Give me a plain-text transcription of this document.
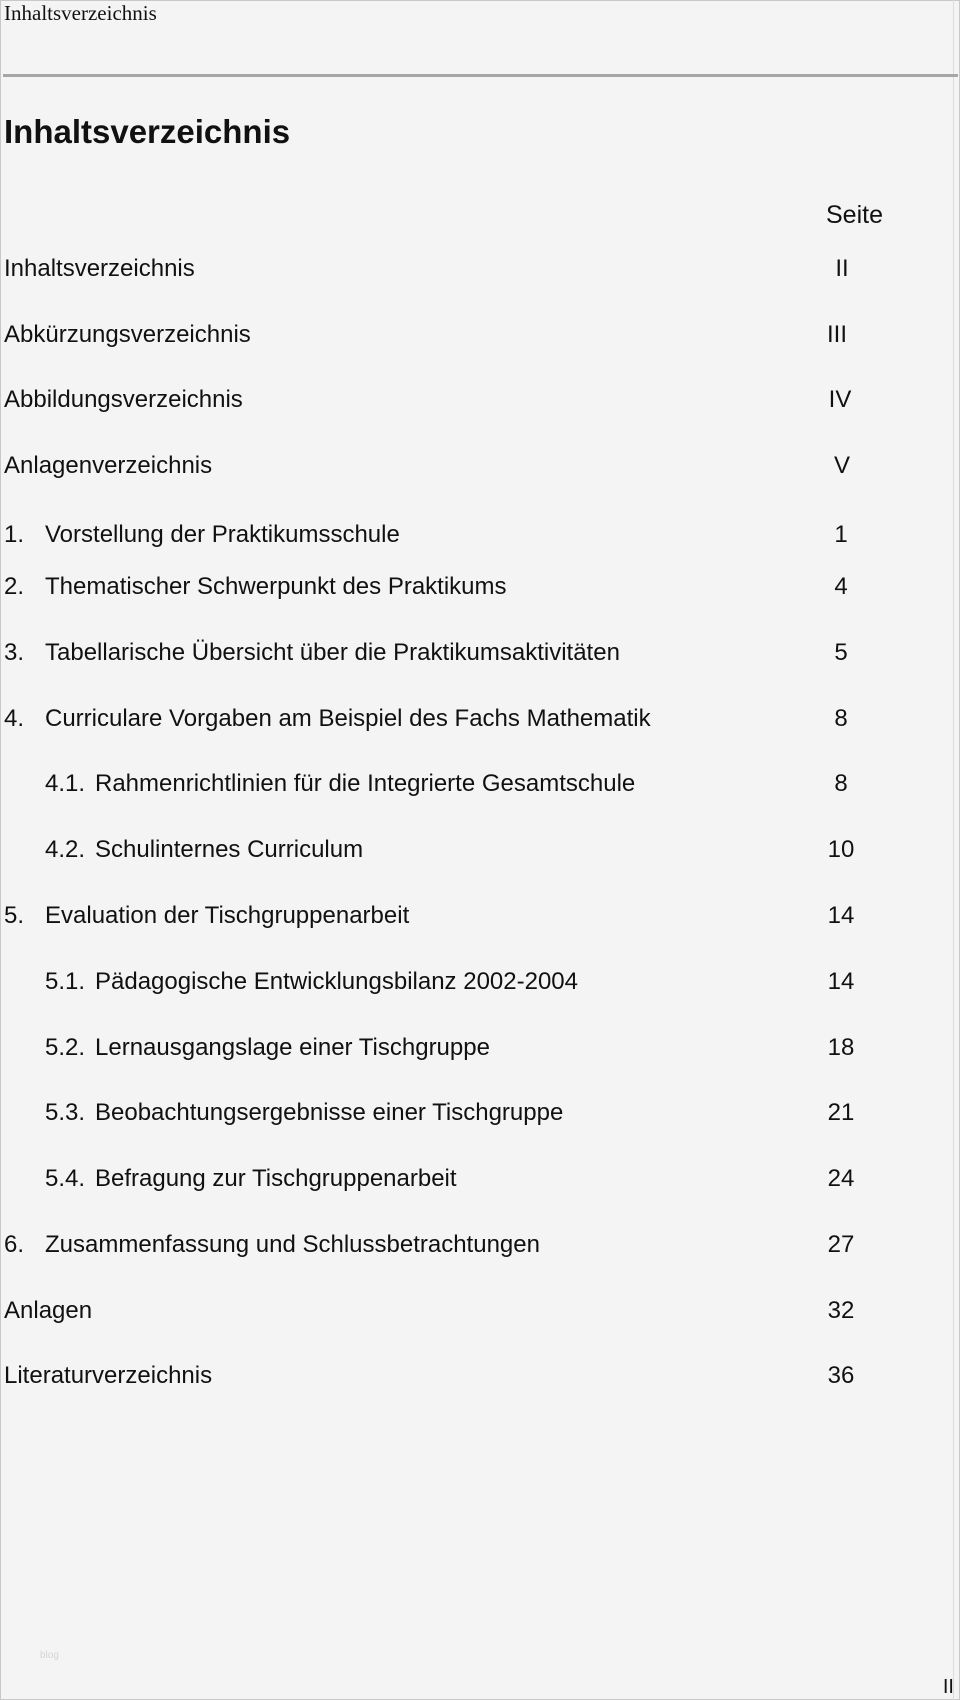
Inhaltsverzeichnis
Inhaltsverzeichnis
Seite
Inhaltsverzeichnis	II
Abkürzungsverzeichnis	III
Abbildungsverzeichnis	IV
Anlagenverzeichnis	V
1. Vorstellung der Praktikumsschule	1
2. Thematischer Schwerpunkt des Praktikums	4
3. Tabellarische Übersicht über die Praktikumsaktivitäten	5
4. Curriculare Vorgaben am Beispiel des Fachs Mathematik	8
4.1. Rahmenrichtlinien für die Integrierte Gesamtschule	8
4.2. Schulinternes Curriculum	10
5. Evaluation der Tischgruppenarbeit	14
5.1. Pädagogische Entwicklungsbilanz 2002-2004	14
5.2. Lernausgangslage einer Tischgruppe	18
5.3. Beobachtungsergebnisse einer Tischgruppe	21
5.4. Befragung zur Tischgruppenarbeit	24
6. Zusammenfassung und Schlussbetrachtungen	27
Anlagen	32
Literaturverzeichnis	36
blog
II
